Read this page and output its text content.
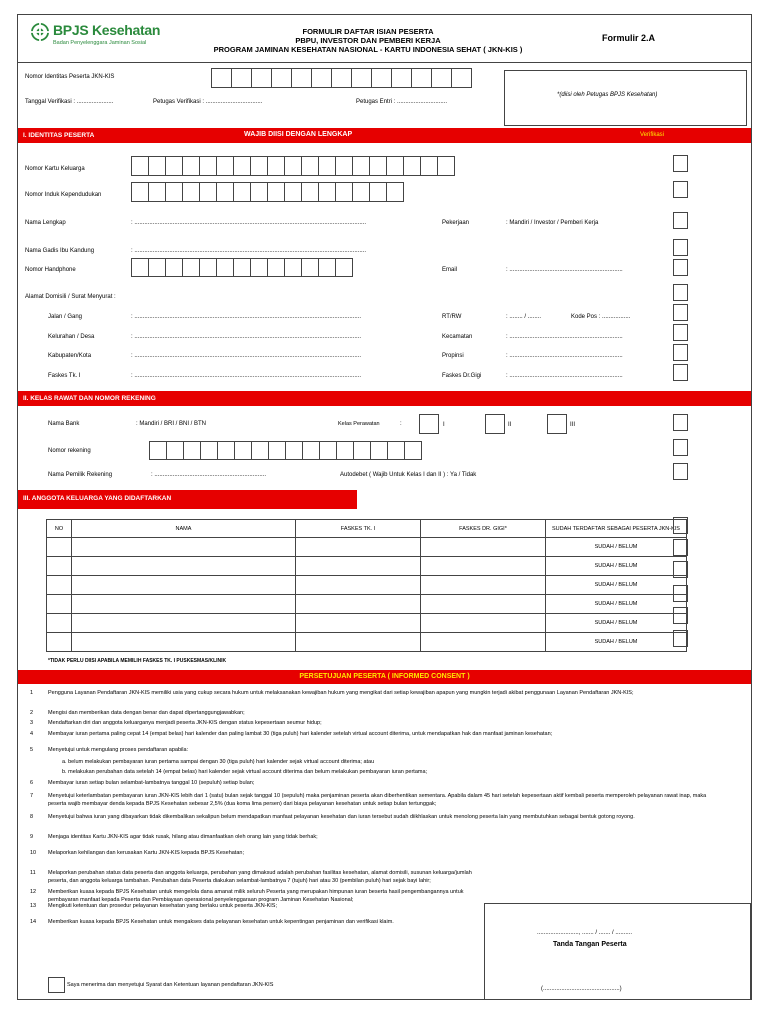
BPJS Kesehatan
Badan Penyelenggara Jaminan Sosial
FORMULIR DAFTAR ISIAN PESERTA
PBPU, INVESTOR DAN PEMBERI KERJA
PROGRAM JAMINAN KESEHATAN NASIONAL - KARTU INDONESIA SEHAT ( JKN-KIS )
Formulir 2.A
Nomor Identitas Peserta JKN-KIS
Tanggal Verifikasi : ......................	Petugas Verifikasi : ..................................	Petugas Entri : ..............................
*(diisi oleh Petugas BPJS Kesehatan)
I. IDENTITAS PESERTA	WAJIB DIISI DENGAN LENGKAP	Verifikasi
Nomor Kartu Keluarga
Nomor Induk Kependudukan
Nama Lengkap	: ...........................................................................................................................................	Pekerjaan	: Mandiri / Investor / Pemberi Kerja
Nama Gadis Ibu Kandung	: ...........................................................................................................................................
Nomor Handphone	Email	: ....................................................................
Alamat Domisili / Surat Menyurat :
Jalan / Gang	: ........................................................................................................................................	RT/RW	: ........ / ........	Kode Pos : .................
Kelurahan / Desa	: ........................................................................................................................................	Kecamatan	: ....................................................................
Kabupaten/Kota	: ........................................................................................................................................	Propinsi	: ....................................................................
Faskes Tk. I	: ........................................................................................................................................	Faskes Dr.Gigi	: ....................................................................
II. KELAS RAWAT DAN NOMOR REKENING
Nama Bank	: Mandiri / BRI / BNI / BTN	Kelas Perawatan	:	I	II	III
Nomor rekening
Nama Pemilik Rekening	: ...................................................................	Autodebet ( Wajib Untuk Kelas I dan II ) : Ya / Tidak
III. ANGGOTA KELUARGA YANG DIDAFTARKAN
NO	NAMA	FASKES TK. I	FASKES DR. GIGI*	SUDAH TERDAFTAR SEBAGAI PESERTA JKN-KIS
				SUDAH / BELUM
				SUDAH / BELUM
				SUDAH / BELUM
				SUDAH / BELUM
				SUDAH / BELUM
				SUDAH / BELUM
*TIDAK PERLU DIISI APABILA MEMILIH FASKES TK. I PUSKESMAS/KLINIK
PERSETUJUAN PESERTA ( INFORMED CONSENT )
1	Pengguna Layanan Pendaftaran JKN-KIS memiliki usia yang cukup secara hukum untuk melaksanakan kewajiban hukum yang mengikat dari setiap kewajiban apapun yang mungkin terjadi akibat penggunaan Layanan Pendaftaran JKN-KIS;
2	Mengisi dan memberikan data dengan benar dan dapat dipertanggungjawabkan;
3	Mendaftarkan diri dan anggota keluarganya menjadi peserta JKN-KIS dengan status kepesertaan seumur hidup;
4	Membayar iuran pertama paling cepat 14 (empat belas) hari kalender dan paling lambat 30 (tiga puluh) hari kalender setelah virtual account diterima, untuk mendapatkan hak dan manfaat jaminan kesehatan;
5	Menyetujui untuk mengulang proses pendaftaran apabila:
a. belum melakukan pembayaran iuran pertama sampai dengan 30 (tiga puluh) hari kalender sejak virtual account diterima; atau
b. melakukan perubahan data setelah 14 (empat belas) hari kalender sejak virtual account diterima dan belum melakukan pembayaran iuran pertama;
6	Membayar iuran setiap bulan selambat-lambatnya tanggal 10 (sepuluh) setiap bulan;
7	Menyetujui keterlambatan pembayaran iuran JKN-KIS lebih dari 1 (satu) bulan sejak tanggal 10 (sepuluh) maka penjaminan peserta akan diberhentikan sementara. Apabila dalam 45 hari setelah kepesertaan aktif kembali peserta memperoleh pelayanan rawat inap, maka peserta wajib membayar denda kepada BPJS Kesehatan sebesar 2,5% (dua koma lima persen) dari biaya pelayanan kesehatan untuk setiap bulan tertunggak;
8	Menyetujui bahwa iuran yang dibayarkan tidak dikembalikan sekalipun belum mendapatkan manfaat pelayanan kesehatan dan iuran tersebut sudah diikhlaskan untuk menolong peserta lain yang membutuhkan sebagai bentuk gotong royong.
9	Menjaga identitas Kartu JKN-KIS agar tidak rusak, hilang atau dimanfaatkan oleh orang lain yang tidak berhak;
10	Melaporkan kehilangan dan kerusakan Kartu JKN-KIS kepada BPJS Kesehatan;
11	Melaporkan perubahan status data peserta dan anggota keluarga, perubahan yang dimaksud adalah perubahan fasilitas kesehatan, alamat domisili, susunan keluarga/jumlah peserta, dan anggota keluarga tambahan. Perubahan data Peserta diakukan selambat-lambatnya 7 (tujuh) hari atau 30 (pembilan puluh) hari sejak bayi lahir;
12	Memberikan kuasa kepada BPJS Kesehatan untuk mengelola dana amanat milik seluruh Peserta yang merupakan himpunan iuran beserta hasil pengembangannya untuk pembayaran manfaat kepada Peserta dan Pembiayaan operasional penyelenggaraan program Jaminan Kesehatan Nasional;
13	Mengikuti ketentuan dan prosedur pelayanan kesehatan yang berlaku untuk peserta JKN-KIS;
14	Memberikan kuasa kepada BPJS Kesehatan untuk mengakses data pelayanan kesehatan untuk kepentingan penjaminan dan verifikasi klaim.
........................., ....... / ....... / ..........
Tanda Tangan Peserta
(..............................................)
Saya menerima dan menyetujui Syarat dan Ketentuan layanan pendaftaran JKN-KIS
